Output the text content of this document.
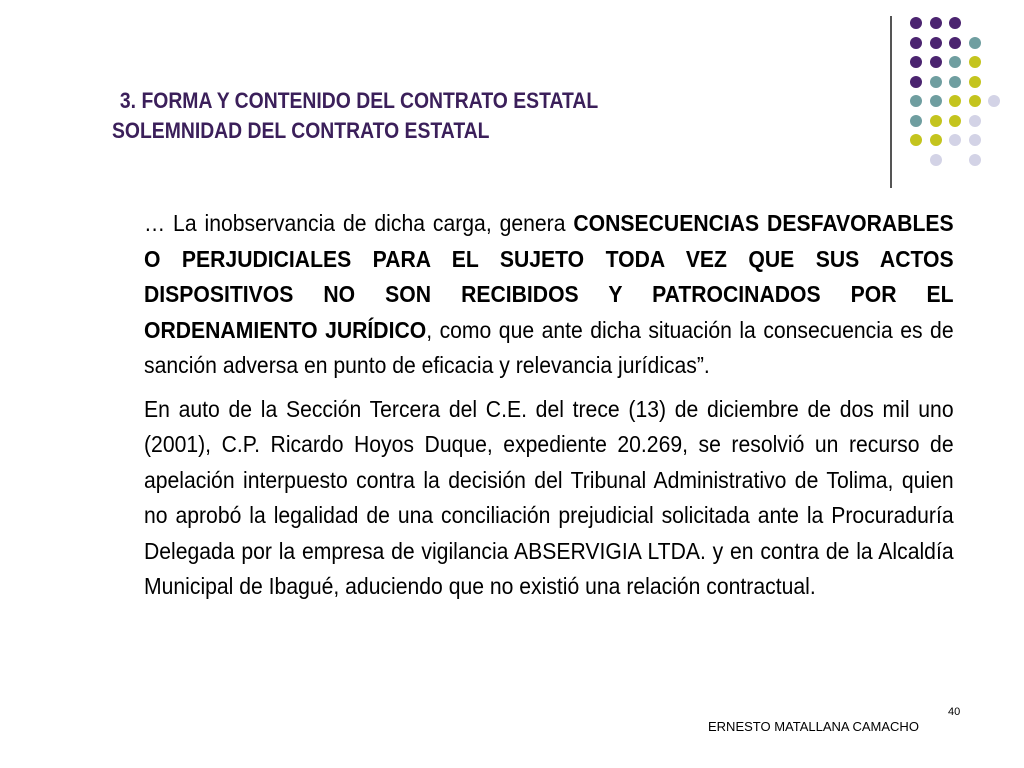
3. FORMA Y CONTENIDO DEL CONTRATO ESTATAL
SOLEMNIDAD DEL CONTRATO ESTATAL

… La inobservancia de dicha carga, genera CONSECUENCIAS DESFAVORABLES O PERJUDICIALES PARA EL SUJETO TODA VEZ QUE SUS ACTOS DISPOSITIVOS NO SON RECIBIDOS Y PATROCINADOS POR EL ORDENAMIENTO JURÍDICO, como que ante dicha situación la consecuencia es de sanción adversa en punto de eficacia y relevancia jurídicas”.

En auto de la Sección Tercera del C.E. del trece (13) de diciembre de dos mil uno (2001), C.P. Ricardo Hoyos Duque, expediente 20.269, se resolvió un recurso de apelación interpuesto contra la decisión del Tribunal Administrativo de Tolima, quien no aprobó la legalidad de una conciliación prejudicial solicitada ante la Procuraduría Delegada por la empresa de vigilancia ABSERVIGIA LTDA. y en contra de la Alcaldía Municipal de Ibagué, aduciendo que no existió una relación contractual.

40
ERNESTO MATALLANA CAMACHO
